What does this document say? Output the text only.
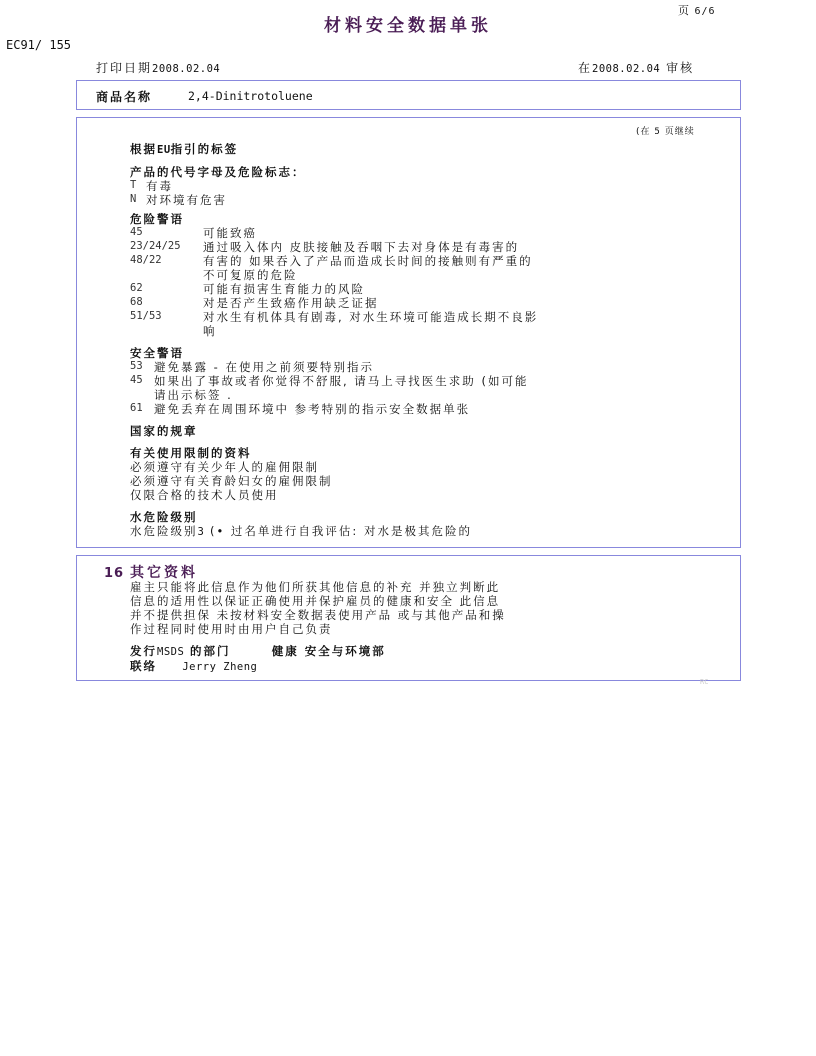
材料安全数据单张
页 6/6
EC91/ 155
打印日期2008.02.04	在2008.02.04 审核
商品名称	2,4-Dinitrotoluene
(在 5 页继续
根据EU指引的标签
产品的代号字母及危险标志：
T 有毒
N 对环境有危害
危险警语
45	可能致癌
23/24/25	通过吸入体内 皮肤接触及吞咽下去对身体是有毒害的
48/22	有害的 如果吞入了产品而造成长时间的接触则有严重的
不可复原的危险
62	可能有损害生育能力的风险
68	对是否产生致癌作用缺乏证据
51/53	对水生有机体具有剧毒, 对水生环境可能造成长期不良影
响
安全警语
53 避免暴露 - 在使用之前须要特别指示
45 如果出了事故或者你觉得不舒服, 请马上寻找医生求助 (如可能
请出示标签 .
61 避免丢弃在周围环境中 参考特别的指示安全数据单张
国家的规章
有关使用限制的资料
必须遵守有关少年人的雇佣限制
必须遵守有关育龄妇女的雇佣限制
仅限合格的技术人员使用
水危险级别
水危险级别3 (• 过名单进行自我评估: 对水是极其危险的
16 其它资料
雇主只能将此信息作为他们所获其他信息的补充 并独立判断此
信息的适用性以保证正确使用并保护雇员的健康和安全 此信息
并不提供担保 未按材料安全数据表使用产品 或与其他产品和操
作过程同时使用时由用户自己负责
发行MSDS 的部门	健康 安全与环境部
联络 Jerry Zheng
RC
